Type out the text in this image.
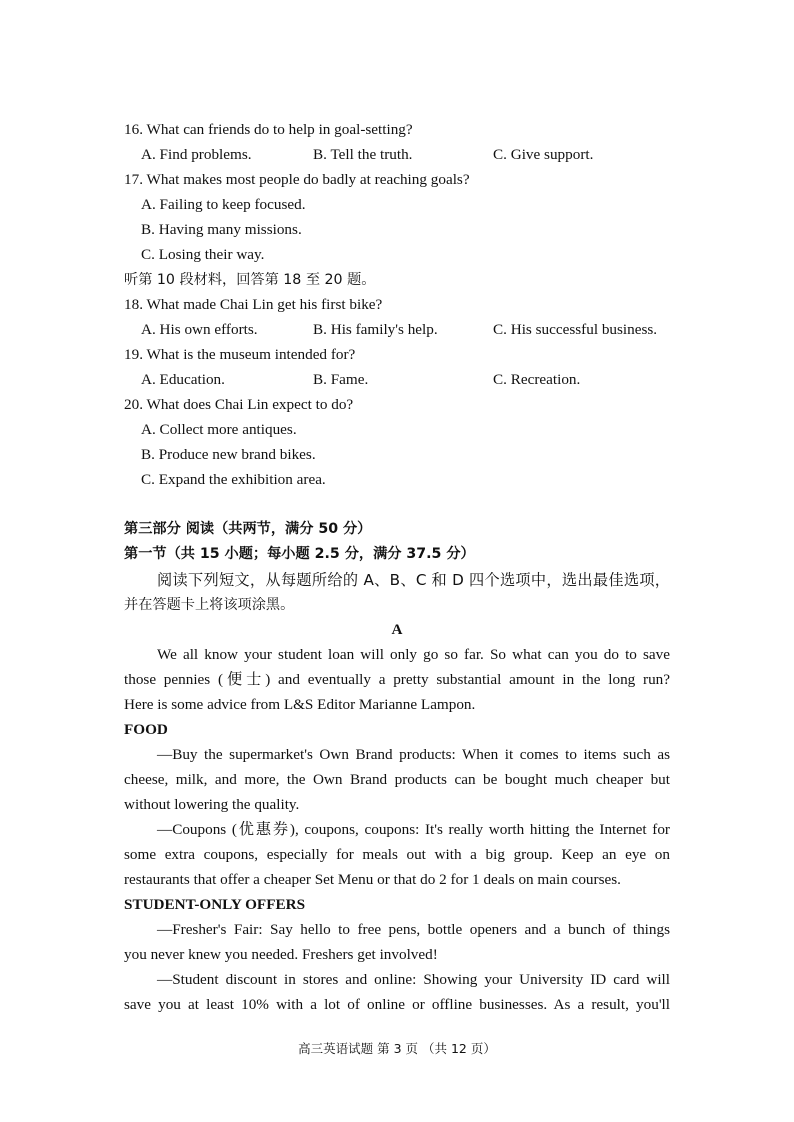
16. What can friends do to help in goal-setting?
A. Find problems.	B. Tell the truth.	C. Give support.
17. What makes most people do badly at reaching goals?
A. Failing to keep focused.
B. Having many missions.
C. Losing their way.
听第 10 段材料，回答第 18 至 20 题。
18. What made Chai Lin get his first bike?
A. His own efforts.	B. His family's help.	C. His successful business.
19. What is the museum intended for?
A. Education.	B. Fame.	C. Recreation.
20. What does Chai Lin expect to do?
A. Collect more antiques.
B. Produce new brand bikes.
C. Expand the exhibition area.
第三部分 阅读（共两节，满分 50 分）
第一节（共 15 小题；每小题 2.5 分，满分 37.5 分）
阅读下列短文，从每题所给的 A、B、C 和 D 四个选项中，选出最佳选项，
并在答题卡上将该项涂黑。
A
We all know your student loan will only go so far. So what can you do to save
those pennies (便士) and eventually a pretty substantial amount in the long run?
Here is some advice from L&S Editor Marianne Lampon.
FOOD
—Buy the supermarket's Own Brand products: When it comes to items such as
cheese, milk, and more, the Own Brand products can be bought much cheaper but
without lowering the quality.
—Coupons (优惠券), coupons, coupons: It's really worth hitting the Internet for
some extra coupons, especially for meals out with a big group. Keep an eye on
restaurants that offer a cheaper Set Menu or that do 2 for 1 deals on main courses.
STUDENT-ONLY OFFERS
—Fresher's Fair: Say hello to free pens, bottle openers and a bunch of things
you never knew you needed. Freshers get involved!
—Student discount in stores and online: Showing your University ID card will
save you at least 10% with a lot of online or offline businesses. As a result, you'll
高三英语试题 第 3 页 （共 12 页）
